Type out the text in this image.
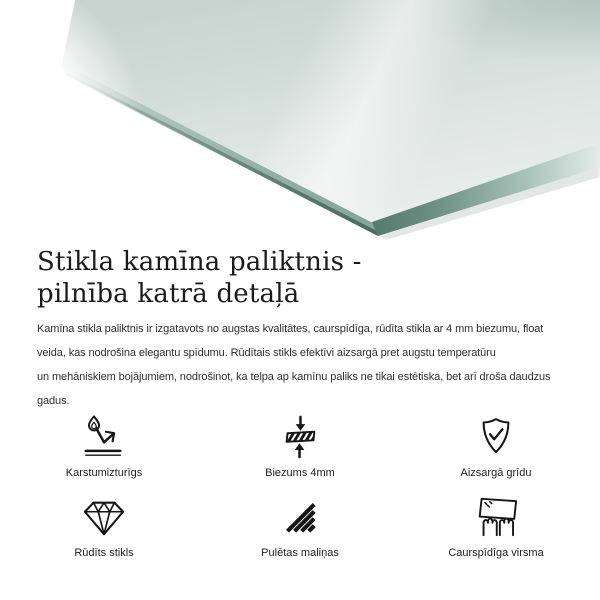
Stikla kamīna paliktnis -
pilnība katrā detaļā
Kamīna stikla paliktnis ir izgatavots no augstas kvalitātes, caurspīdīga, rūdīta stikla ar 4 mm biezumu, float
veida, kas nodrošina elegantu spīdumu. Rūdītais stikls efektīvi aizsargā pret augstu temperatūru
un mehāniskiem bojājumiem, nodrošinot, ka telpa ap kamīnu paliks ne tikai estētiska, bet arī droša daudzus
gadus.
Karstumizturīgs	Biezums 4mm	Aizsargā grīdu
Rūdīts stikls	Pulētas maliņas	Caurspīdīga virsma
